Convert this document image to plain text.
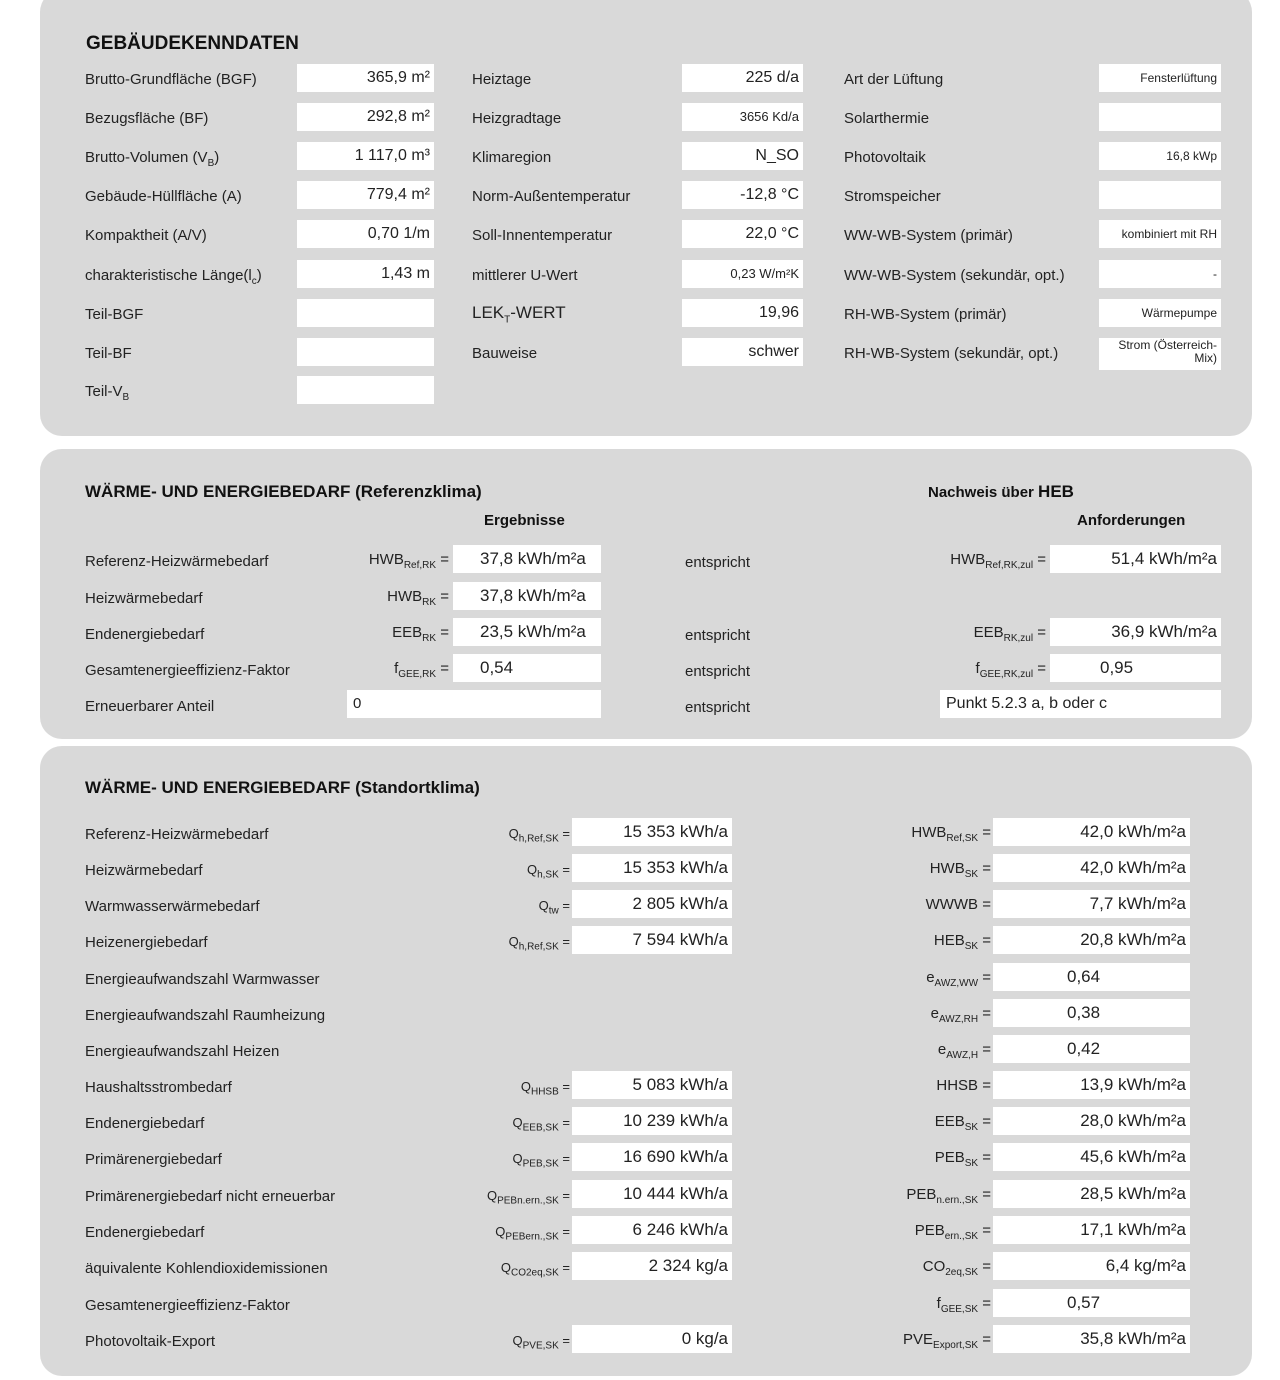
GEBÄUDEKENNDATEN
Brutto-Grundfläche (BGF)	365,9 m²
Bezugsfläche (BF)	292,8 m²
Brutto-Volumen $(V_B)$	1 117,0 m³
Gebäude-Hüllfläche (A)	779,4 m²
Kompaktheit (A/V)	0,70 1/m
charakteristische $Länge(l_c)$	1,43 m
Teil-BGF
Teil-BF
Teil-$V_B$
Heiztage	225 d/a
Heizgradtage	3656 Kd/a
Klimaregion	N_SO
Norm-Außentemperatur	-12,8 °C
Soll-Innentemperatur	22,0 °C
mittlerer U-Wert	0,23 W/m²K
$LEK_T$-WERT	19,96
Bauweise	schwer
Art der Lüftung	Fensterlüftung
Solarthermie
Photovoltaik	16,8 kWp
Stromspeicher
WW-WB-System (primär)	kombiniert mit RH
WW-WB-System (sekundär, opt.)	-
RH-WB-System (primär)	Wärmepumpe
RH-WB-System (sekundär, opt.)	Strom (Österreich-Mix)
WÄRME- UND ENERGIEBEDARF (Referenzklima)	Nachweis über HEB
Ergebnisse	Anforderungen
Referenz-Heizwärmebedarf	$HWB_{Ref,RK}$ =	37,8 kWh/m²a	entspricht	$HWB_{Ref,RK,zul}$ =	51,4 kWh/m²a
Heizwärmebedarf	$HWB_{RK}$ =	37,8 kWh/m²a
Endenergiebedarf	$EEB_{RK}$ =	23,5 kWh/m²a	entspricht	$EEB_{RK,zul}$ =	36,9 kWh/m²a
Gesamtenergieeffizienz-Faktor	$f_{GEE,RK}$ =	0,54	entspricht	$f_{GEE,RK,zul}$ =	0,95
Erneuerbarer Anteil	0	entspricht	Punkt 5.2.3 a, b oder c
WÄRME- UND ENERGIEBEDARF (Standortklima)
Referenz-Heizwärmebedarf	$Q_{h,Ref,SK}$ =	15 353 kWh/a	$HWB_{Ref,SK}$ =	42,0 kWh/m²a
Heizwärmebedarf	$Q_{h,SK}$ =	15 353 kWh/a	$HWB_{SK}$ =	42,0 kWh/m²a
Warmwasserwärmebedarf	$Q_{tw}$ =	2 805 kWh/a	WWWB =	7,7 kWh/m²a
Heizenergiebedarf	$Q_{h,Ref,SK}$ =	7 594 kWh/a	$HEB_{SK}$ =	20,8 kWh/m²a
Energieaufwandszahl Warmwasser	$e_{AWZ,WW}$ =	0,64
Energieaufwandszahl Raumheizung	$e_{AWZ,RH}$ =	0,38
Energieaufwandszahl Heizen	$e_{AWZ,H}$ =	0,42
Haushaltsstrombedarf	$Q_{HHSB}$ =	5 083 kWh/a	HHSB =	13,9 kWh/m²a
Endenergiebedarf	$Q_{EEB,SK}$ =	10 239 kWh/a	$EEB_{SK}$ =	28,0 kWh/m²a
Primärenergiebedarf	$Q_{PEB,SK}$ =	16 690 kWh/a	$PEB_{SK}$ =	45,6 kWh/m²a
Primärenergiebedarf nicht erneuerbar	$Q_{PEBn.ern.,SK}$ =	10 444 kWh/a	$PEB_{n.ern.,SK}$ =	28,5 kWh/m²a
Endenergiebedarf	$Q_{PEBern.,SK}$ =	6 246 kWh/a	$PEB_{ern.,SK}$ =	17,1 kWh/m²a
äquivalente Kohlendioxidemissionen	$Q_{CO2eq,SK}$ =	2 324 kg/a	$CO_{2eq,SK}$ =	6,4 kg/m²a
Gesamtenergieeffizienz-Faktor	$f_{GEE,SK}$ =	0,57
Photovoltaik-Export	$Q_{PVE,SK}$ =	0 kg/a	$PVE_{Export,SK}$ =	35,8 kWh/m²a
